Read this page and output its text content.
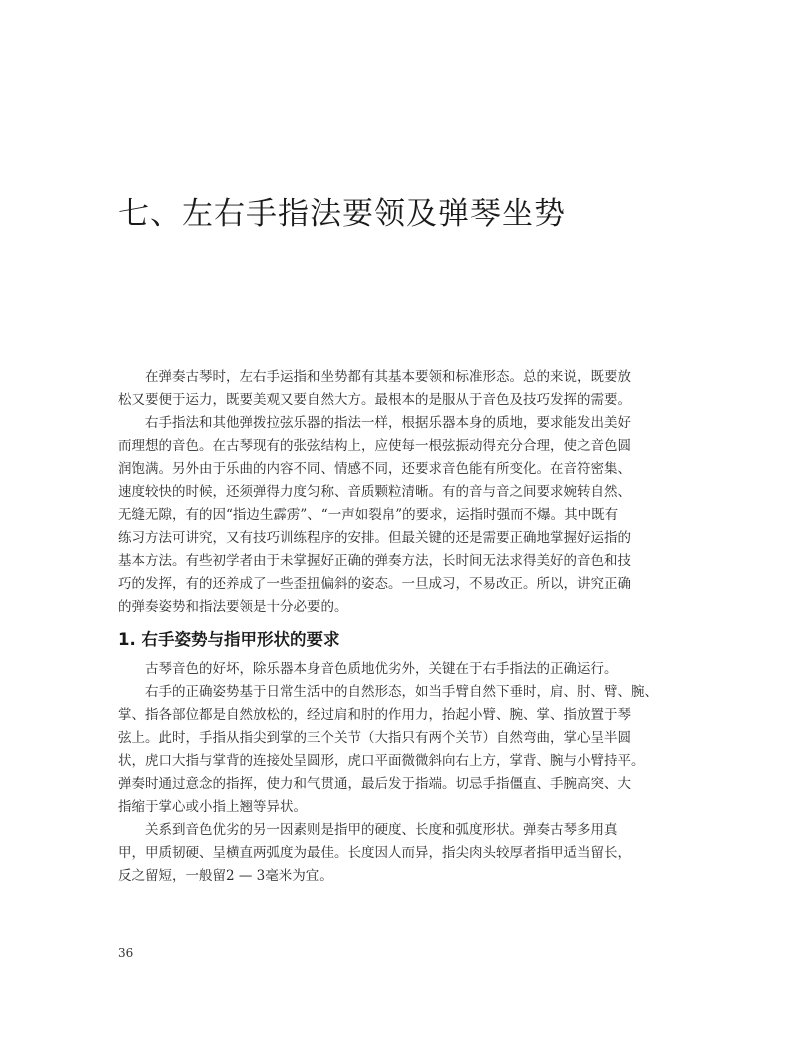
七、左右手指法要领及弹琴坐势

在弹奏古琴时，左右手运指和坐势都有其基本要领和标准形态。总的来说，既要放
松又要便于运力，既要美观又要自然大方。最根本的是服从于音色及技巧发挥的需要。

右手指法和其他弹拨拉弦乐器的指法一样，根据乐器本身的质地，要求能发出美好
而理想的音色。在古琴现有的张弦结构上，应使每一根弦振动得充分合理，使之音色圆
润饱满。另外由于乐曲的内容不同、情感不同，还要求音色能有所变化。在音符密集、
速度较快的时候，还须弹得力度匀称、音质颗粒清晰。有的音与音之间要求婉转自然、
无缝无隙，有的因“指边生霹雳”、“一声如裂帛”的要求，运指时强而不爆。其中既有
练习方法可讲究，又有技巧训练程序的安排。但最关键的还是需要正确地掌握好运指的
基本方法。有些初学者由于未掌握好正确的弹奏方法，长时间无法求得美好的音色和技
巧的发挥，有的还养成了一些歪扭偏斜的姿态。一旦成习，不易改正。所以，讲究正确
的弹奏姿势和指法要领是十分必要的。

1. 右手姿势与指甲形状的要求

古琴音色的好坏，除乐器本身音色质地优劣外，关键在于右手指法的正确运行。

右手的正确姿势基于日常生活中的自然形态，如当手臂自然下垂时，肩、肘、臂、腕、
掌、指各部位都是自然放松的，经过肩和肘的作用力，抬起小臂、腕、掌、指放置于琴
弦上。此时，手指从指尖到掌的三个关节（大指只有两个关节）自然弯曲，掌心呈半圆
状，虎口大指与掌背的连接处呈圆形，虎口平面微微斜向右上方，掌背、腕与小臂持平。
弹奏时通过意念的指挥，使力和气贯通，最后发于指端。切忌手指僵直、手腕高突、大
指缩于掌心或小指上翘等异状。

关系到音色优劣的另一因素则是指甲的硬度、长度和弧度形状。弹奏古琴多用真
甲，甲质韧硬、呈横直两弧度为最佳。长度因人而异，指尖肉头较厚者指甲适当留长，
反之留短，一般留2 — 3毫米为宜。

36
